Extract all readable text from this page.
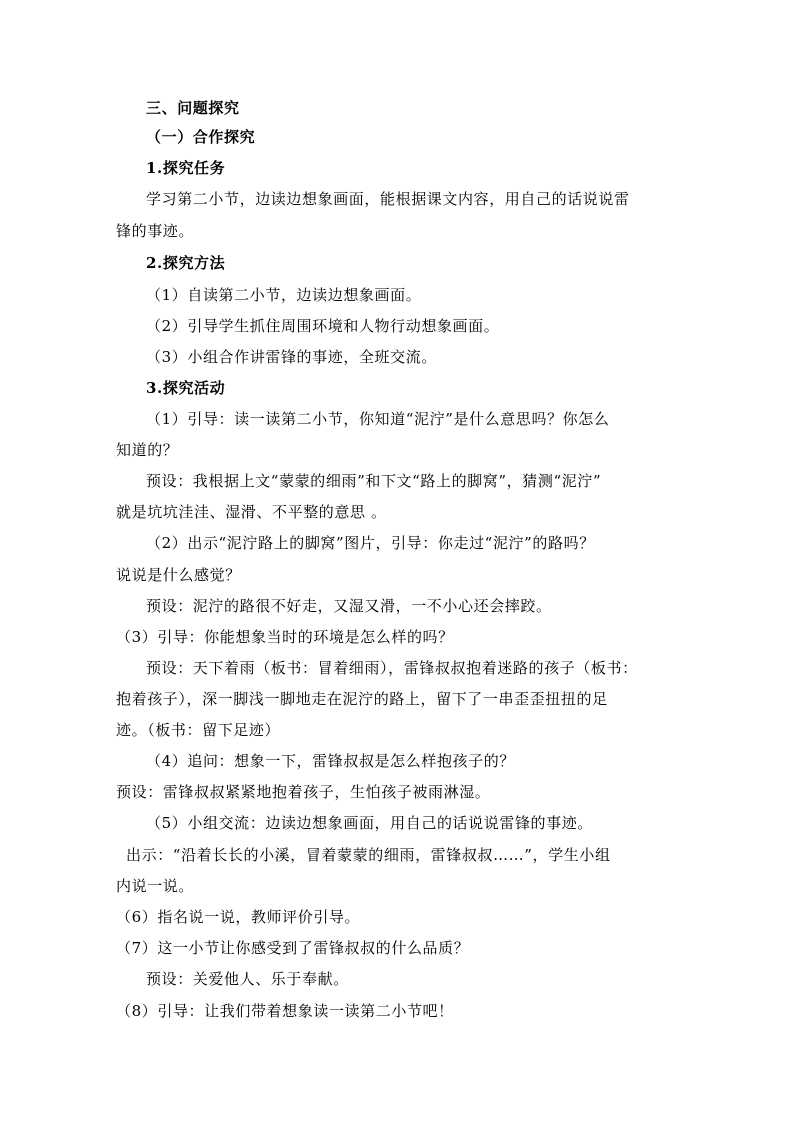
三、问题探究
（一）合作探究
1.探究任务
学习第二小节，边读边想象画面，能根据课文内容，用自己的话说说雷
锋的事迹。
2.探究方法
（1）自读第二小节，边读边想象画面。
（2）引导学生抓住周围环境和人物行动想象画面。
（3）小组合作讲雷锋的事迹，全班交流。
3.探究活动
（1）引导：读一读第二小节，你知道“泥泞”是什么意思吗？你怎么
知道的？
预设：我根据上文“蒙蒙的细雨”和下文“路上的脚窝”，猜测“泥泞”
就是坑坑洼洼、湿滑、不平整的意思 。
（2）出示“泥泞路上的脚窝”图片，引导：你走过“泥泞”的路吗？
说说是什么感觉？
预设：泥泞的路很不好走，又湿又滑，一不小心还会摔跤。
（3）引导：你能想象当时的环境是怎么样的吗？
预设：天下着雨（板书：冒着细雨），雷锋叔叔抱着迷路的孩子（板书：
抱着孩子），深一脚浅一脚地走在泥泞的路上，留下了一串歪歪扭扭的足
迹。（板书：留下足迹）
（4）追问：想象一下，雷锋叔叔是怎么样抱孩子的？
预设：雷锋叔叔紧紧地抱着孩子，生怕孩子被雨淋湿。
（5）小组交流：边读边想象画面，用自己的话说说雷锋的事迹。
出示：“沿着长长的小溪，冒着蒙蒙的细雨，雷锋叔叔……”，学生小组
内说一说。
（6）指名说一说，教师评价引导。
（7）这一小节让你感受到了雷锋叔叔的什么品质？
预设：关爱他人、乐于奉献。
（8）引导：让我们带着想象读一读第二小节吧！
